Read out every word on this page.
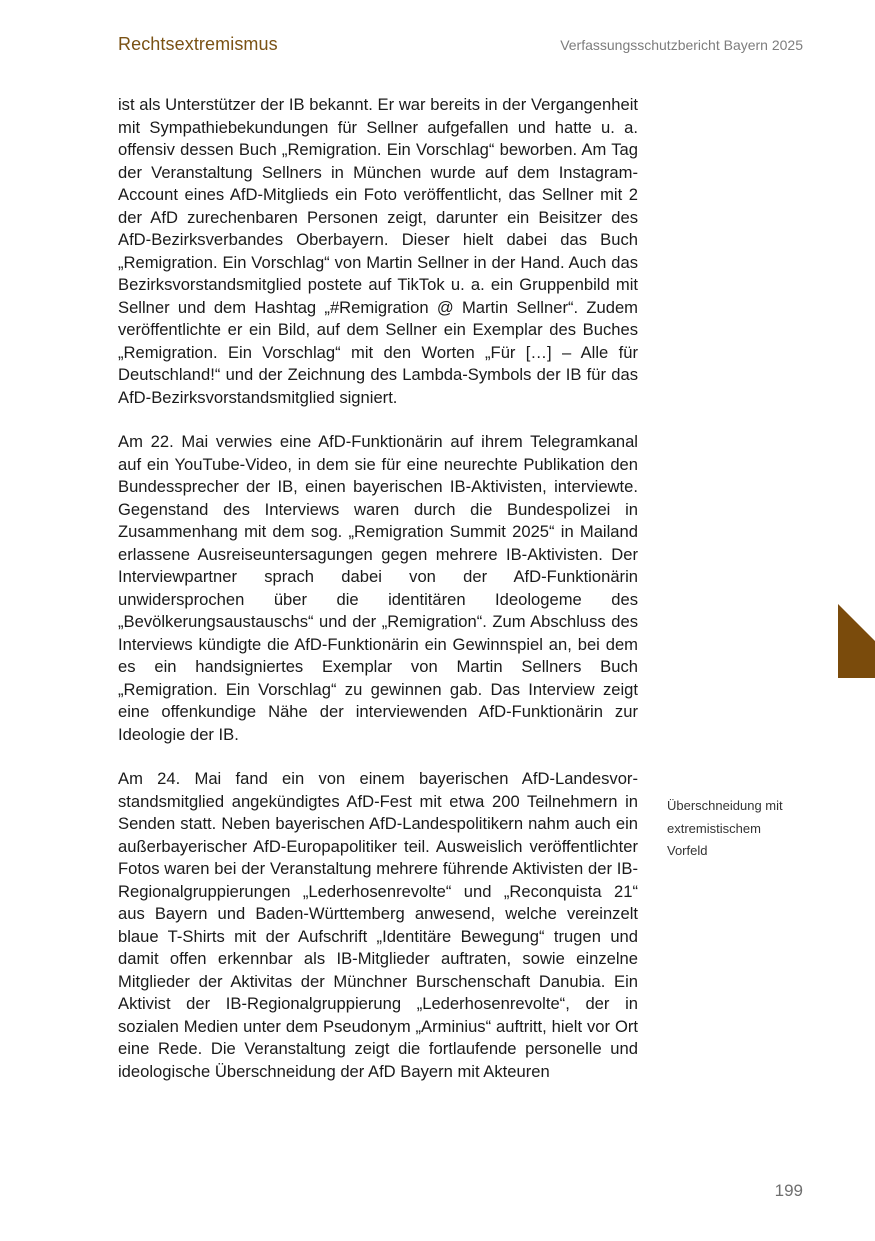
Rechtsextremismus	Verfassungsschutzbericht Bayern 2025

ist als Unterstützer der IB bekannt. Er war bereits in der Vergangenheit mit Sympathiebekundungen für Sellner aufgefallen und hatte u. a. offensiv dessen Buch „Remigration. Ein Vorschlag“ beworben. Am Tag der Veranstaltung Sellners in München wurde auf dem Instagram-Account eines AfD-Mitglieds ein Foto veröffentlicht, das Sellner mit 2 der AfD zurechenbaren Personen zeigt, darunter ein Beisitzer des AfD-Bezirksverbandes Oberbayern. Dieser hielt dabei das Buch „Remigration. Ein Vorschlag“ von Martin Sellner in der Hand. Auch das Bezirksvorstandsmitglied postete auf TikTok u. a. ein Gruppenbild mit Sellner und dem Hashtag „#Remigration @ Martin Sellner“. Zudem veröffentlichte er ein Bild, auf dem Sellner ein Exemplar des Buches „Remigration. Ein Vorschlag“ mit den Worten „Für […] – Alle für Deutschland!“ und der Zeichnung des Lambda-Symbols der IB für das AfD-Bezirksvorstandsmitglied signiert.

Am 22. Mai verwies eine AfD-Funktionärin auf ihrem Telegramkanal auf ein YouTube-Video, in dem sie für eine neurechte Publikation den Bundessprecher der IB, einen bayerischen IB-Aktivisten, interviewte. Gegenstand des Interviews waren durch die Bundespolizei in Zusammenhang mit dem sog. „Remigration Summit 2025“ in Mailand erlassene Ausreiseuntersagungen gegen mehrere IB-Aktivisten. Der Interviewpartner sprach dabei von der AfD-Funktionärin unwidersprochen über die identitären Ideologeme des „Bevölkerungsaustauschs“ und der „Remigration“. Zum Abschluss des Interviews kündigte die AfD-Funktionärin ein Gewinnspiel an, bei dem es ein handsigniertes Exemplar von Martin Sellners Buch „Remigration. Ein Vorschlag“ zu gewinnen gab. Das Interview zeigt eine offenkundige Nähe der interviewenden AfD-Funktionärin zur Ideologie der IB.

Am 24. Mai fand ein von einem bayerischen AfD-Landesvorstandsmitglied angekündigtes AfD-Fest mit etwa 200 Teilnehmern in Senden statt. Neben bayerischen AfD-Landespolitikern nahm auch ein außerbayerischer AfD-Europapolitiker teil. Ausweislich veröffentlichter Fotos waren bei der Veranstaltung mehrere führende Aktivisten der IB-Regionalgruppierungen „Lederhosenrevolte“ und „Reconquista 21“ aus Bayern und Baden-Württemberg anwesend, welche vereinzelt blaue T-Shirts mit der Aufschrift „Identitäre Bewegung“ trugen und damit offen erkennbar als IB-Mitglieder auftraten, sowie einzelne Mitglieder der Aktivitas der Münchner Burschenschaft Danubia. Ein Aktivist der IB-Regionalgruppierung „Lederhosenrevolte“, der in sozialen Medien unter dem Pseudonym „Arminius“ auftritt, hielt vor Ort eine Rede. Die Veranstaltung zeigt die fortlaufende personelle und ideologische Überschneidung der AfD Bayern mit Akteuren

Überschneidung mit
extremistischem
Vorfeld
199
